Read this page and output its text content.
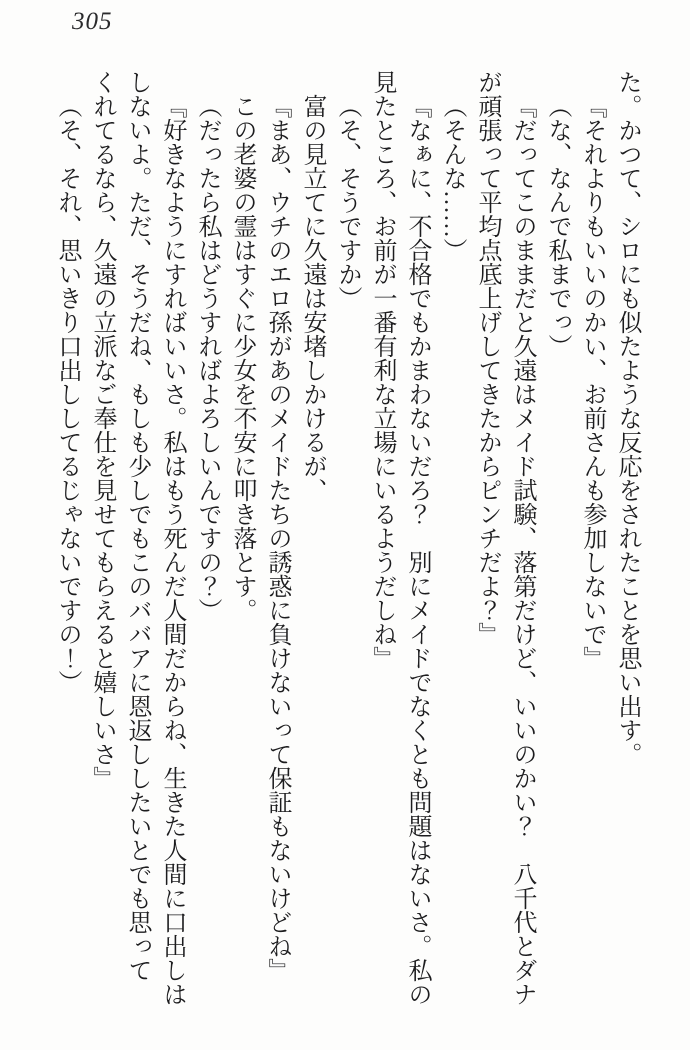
305
た。かつて、シロにも似たような反応をされたことを思い出す。
『それよりもいいのかい、お前さんも参加しないで』
（な、なんで私までっ）
『だってこのままだと久遠はメイド試験、落第だけど、いいのかい？　八千代とダナ
が頑張って平均点底上げしてきたからピンチだよ？』
（そんな……）
『なぁに、不合格でもかまわないだろ？　別にメイドでなくとも問題はないさ。私の
見たところ、お前が一番有利な立場にいるようだしね』
（そ、そうですか）
富の見立てに久遠は安堵しかけるが、
『まあ、ウチのエロ孫があのメイドたちの誘惑に負けないって保証もないけどね』
この老婆の霊はすぐに少女を不安に叩き落とす。
（だったら私はどうすればよろしいんですの？）
『好きなようにすればいいさ。私はもう死んだ人間だからね、生きた人間に口出しは
しないよ。ただ、そうだね、もしも少しでもこのババアに恩返ししたいとでも思って
くれてるなら、久遠の立派なご奉仕を見せてもらえると嬉しいさ』
（そ、それ、思いきり口出ししてるじゃないですの！）
